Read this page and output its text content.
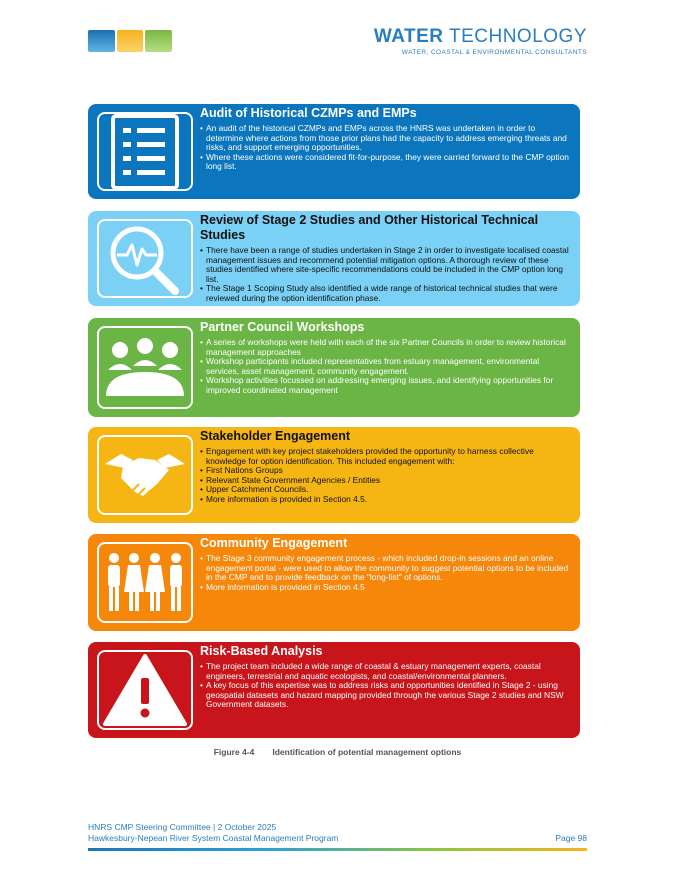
WATER TECHNOLOGY
WATER, COASTAL & ENVIRONMENTAL CONSULTANTS
Audit of Historical CZMPs and EMPs
• An audit of the historical CZMPs and EMPs across the HNRS was undertaken in order to determine where actions from those prior plans had the capacity to address emerging threats and risks, and support emerging opportunities.
• Where these actions were considered fit-for-purpose, they were carried forward to the CMP option long list.
Review of Stage 2 Studies and Other Historical Technical Studies
• There have been a range of studies undertaken in Stage 2 in order to investigate localised coastal management issues and recommend potential mitigation options. A thorough review of these studies identified where site-specific recommendations could be included in the CMP option long list.
• The Stage 1 Scoping Study also identified a wide range of historical technical studies that were reviewed during the option identification phase.
Partner Council Workshops
• A series of workshops were held with each of the six Partner Councils in order to review historical management approaches
• Workshop participants included representatives from estuary management, environmental services, asset management, community engagement.
• Workshop activities focussed on addressing emerging issues, and identifying opportunities for improved coordinated management
Stakeholder Engagement
• Engagement with key project stakeholders provided the opportunity to harness collective knowledge for option identification. This included engagement with:
• First Nations Groups
• Relevant State Government Agencies / Entities
• Upper Catchment Councils.
• More information is provided in Section 4.5.
Community Engagement
• The Stage 3 community engagement process - which included drop-in sessions and an online engagement portal - were used to allow the community to suggest potential options to be included in the CMP and to provide feedback on the "long-list" of options.
• More information is provided in Section 4.5
Risk-Based Analysis
• The project team included a wide range of coastal & estuary management experts, coastal engineers, terrestrial and aquatic ecologists, and coastal/environmental planners.
• A key focus of this expertise was to address risks and opportunities identified in Stage 2 - using geospatial datasets and hazard mapping provided through the various Stage 2 studies and NSW Government datasets.
Figure 4-4 Identification of potential management options
HNRS CMP Steering Committee | 2 October 2025
Hawkesbury-Nepean River System Coastal Management Program	Page 98
